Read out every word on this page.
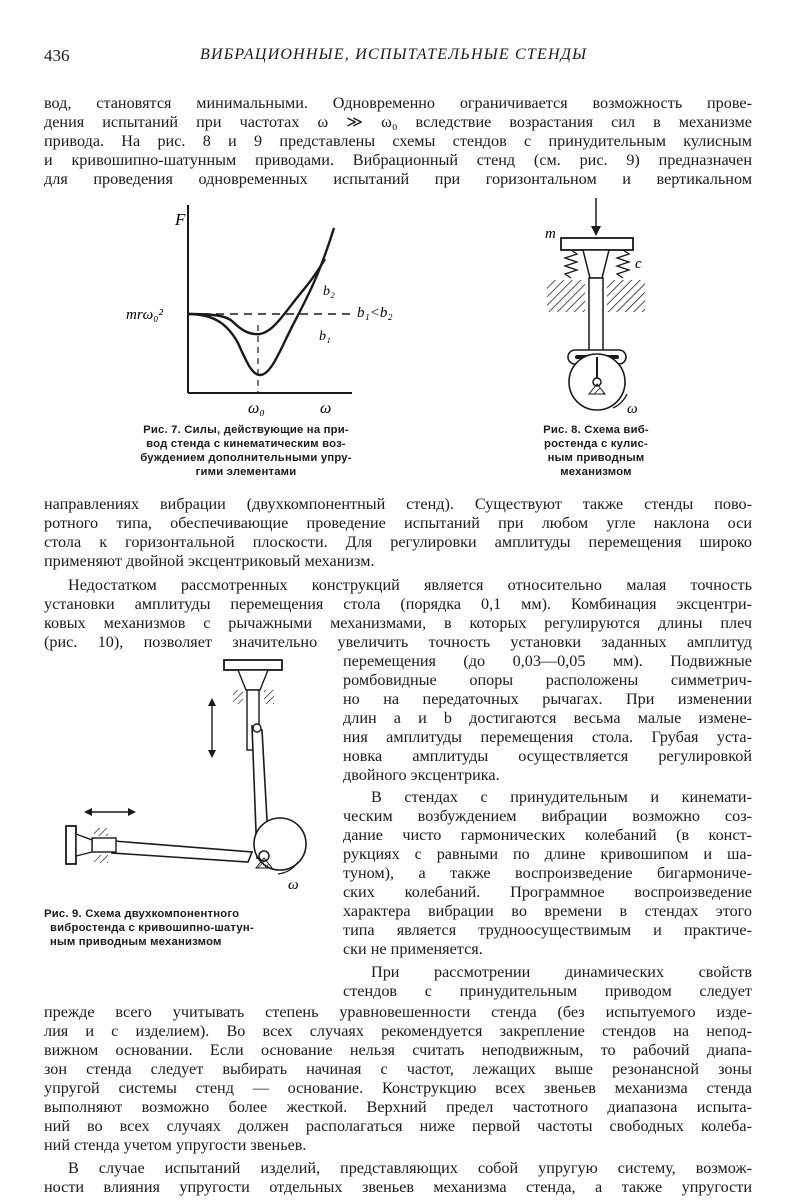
436	ВИБРАЦИОННЫЕ, ИСПЫТАТЕЛЬНЫЕ СТЕНДЫ
вод, становятся минимальными. Одновременно ограничивается возможность прове-
дения испытаний при частотах ω ≫ ω₀ вследствие возрастания сил в механизме
привода. На рис. 8 и 9 представлены схемы стендов с принудительным кулисным
и кривошипно-шатунным приводами. Вибрационный стенд (см. рис. 9) предназначен
для проведения одновременных испытаний при горизонтальном и вертикальном
F
ω
ω₀
mrω₀²
b₂
b₁
b₁<b₂
Рис. 7. Силы, действующие на при-
вод стенда с кинематическим воз-
буждением дополнительными упру-
гими элементами
m
c
ω
Рис. 8. Схема виб-
ростенда с кулис-
ным приводным
механизмом
направлениях вибрации (двухкомпонентный стенд). Существуют также стенды пово-
ротного типа, обеспечивающие проведение испытаний при любом угле наклона оси
стола к горизонтальной плоскости. Для регулировки амплитуды перемещения широко
применяют двойной эксцентриковый механизм.
Недостатком рассмотренных конструкций является относительно малая точность
установки амплитуды перемещения стола (порядка 0,1 мм). Комбинация эксцентри-
ковых механизмов с рычажными механизмами, в которых регулируются длины плеч
(рис. 10), позволяет значительно увеличить точность установки заданных амплитуд
ω
Рис. 9. Схема двухкомпонентного
вибростенда с кривошипно-шатун-
ным приводным механизмом
перемещения (до 0,03—0,05 мм). Подвижные
ромбовидные опоры расположены симметрич-
но на передаточных рычагах. При изменении
длин a и b достигаются весьма малые измене-
ния амплитуды перемещения стола. Грубая уста-
новка амплитуды осуществляется регулировкой
двойного эксцентрика.
В стендах с принудительным и кинемати-
ческим возбуждением вибрации возможно соз-
дание чисто гармонических колебаний (в конст-
рукциях с равными по длине кривошипом и ша-
туном), а также воспроизведение бигармониче-
ских колебаний. Программное воспроизведение
характера вибрации во времени в стендах этого
типа является трудноосуществимым и практиче-
ски не применяется.
При рассмотрении динамических свойств
стендов с принудительным приводом следует
прежде всего учитывать степень уравновешенности стенда (без испытуемого изде-
лия и с изделием). Во всех случаях рекомендуется закрепление стендов на непод-
вижном основании. Если основание нельзя считать неподвижным, то рабочий диапа-
зон стенда следует выбирать начиная с частот, лежащих выше резонансной зоны
упругой системы стенд — основание. Конструкцию всех звеньев механизма стенда
выполняют возможно более жесткой. Верхний предел частотного диапазона испыта-
ний во всех случаях должен располагаться ниже первой частоты свободных колеба-
ний стенда учетом упругости звеньев.
В случае испытаний изделий, представляющих собой упругую систему, возмож-
ности влияния упругости отдельных звеньев механизма стенда, а также упругости
